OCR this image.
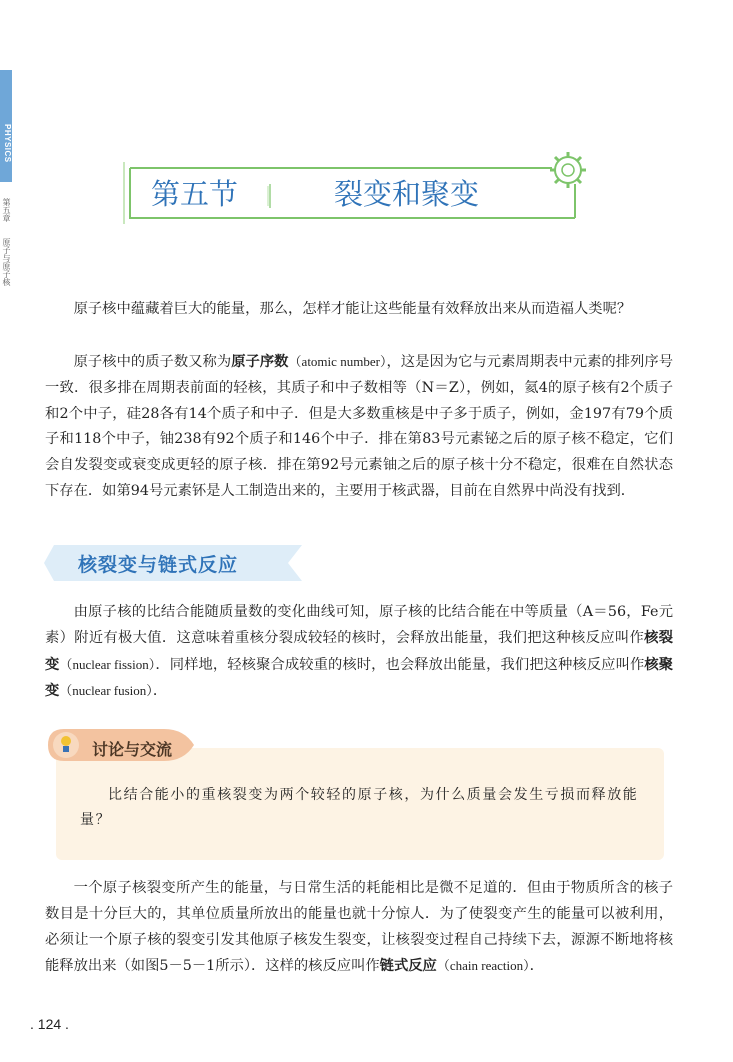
PHYSICS
第五章
原子与原子核
第五节	裂变和聚变

原子核中蕴藏着巨大的能量，那么，怎样才能让这些能量有效释放出来从而造福人类呢？

原子核中的质子数又称为原子序数（atomic number），这是因为它与元素周期表中元素的排列序号一致．很多排在周期表前面的轻核，其质子和中子数相等（N＝Z），例如，氦4的原子核有2个质子和2个中子，硅28各有14个质子和中子．但是大多数重核是中子多于质子，例如，金197有79个质子和118个中子，铀238有92个质子和146个中子．排在第83号元素铋之后的原子核不稳定，它们会自发裂变或衰变成更轻的原子核．排在第92号元素铀之后的原子核十分不稳定，很难在自然状态下存在．如第94号元素钚是人工制造出来的，主要用于核武器，目前在自然界中尚没有找到．

核裂变与链式反应

由原子核的比结合能随质量数的变化曲线可知，原子核的比结合能在中等质量（A＝56，Fe元素）附近有极大值．这意味着重核分裂成较轻的核时，会释放出能量，我们把这种核反应叫作核裂变（nuclear fission）．同样地，轻核聚合成较重的核时，也会释放出能量，我们把这种核反应叫作核聚变（nuclear fusion）．

讨论与交流

比结合能小的重核裂变为两个较轻的原子核，为什么质量会发生亏损而释放能量？

一个原子核裂变所产生的能量，与日常生活的耗能相比是微不足道的．但由于物质所含的核子数目是十分巨大的，其单位质量所放出的能量也就十分惊人．为了使裂变产生的能量可以被利用，必须让一个原子核的裂变引发其他原子核发生裂变，让核裂变过程自己持续下去，源源不断地将核能释放出来（如图5－5－1所示）．这样的核反应叫作链式反应（chain reaction）．

. 124 .
